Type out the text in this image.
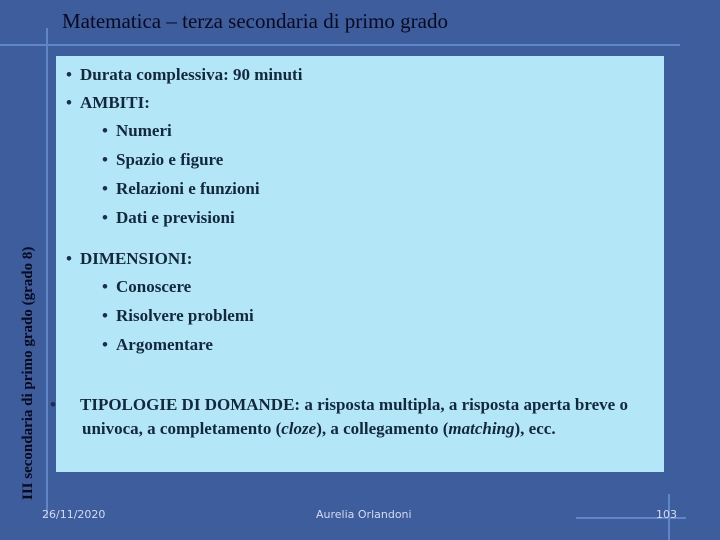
Matematica – terza secondaria di primo grado
III secondaria di primo grado (grado 8)
• Durata complessiva: 90 minuti
• AMBITI:
• Numeri
• Spazio e figure
• Relazioni e funzioni
• Dati e previsioni
• DIMENSIONI:
• Conoscere
• Risolvere problemi
• Argomentare
• TIPOLOGIE DI DOMANDE: a risposta multipla, a risposta aperta breve o univoca, a completamento (cloze), a collegamento (matching), ecc.
26/11/2020	Aurelia Orlandoni	103
